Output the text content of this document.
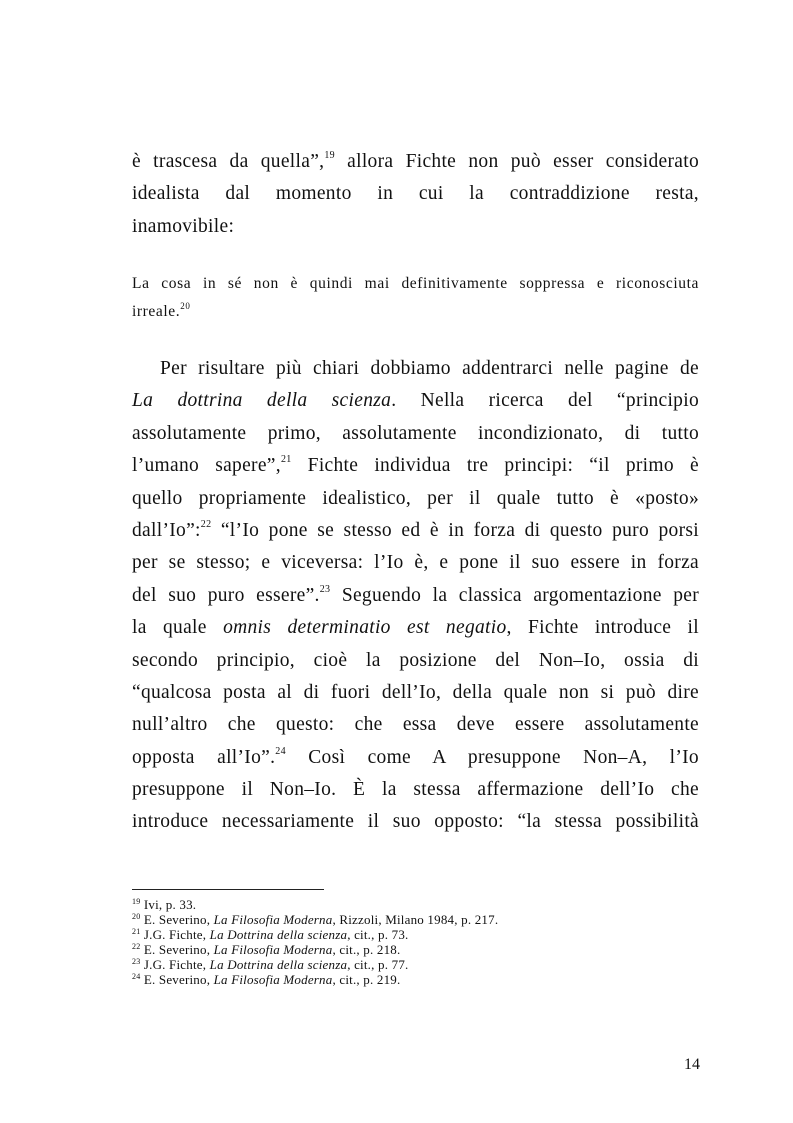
è trascesa da quella”,$^{19}$ allora Fichte non può esser considerato
idealista dal momento in cui la contraddizione resta,
inamovibile:
La cosa in sé non è quindi mai definitivamente soppressa e riconosciuta
irreale.$^{20}$
Per risultare più chiari dobbiamo addentrarci nelle pagine de
La dottrina della scienza. Nella ricerca del “principio
assolutamente primo, assolutamente incondizionato, di tutto
l’umano sapere”,$^{21}$ Fichte individua tre principi: “il primo è
quello propriamente idealistico, per il quale tutto è «posto»
dall’Io”:$^{22}$ “l’Io pone se stesso ed è in forza di questo puro porsi
per se stesso; e viceversa: l’Io è, e pone il suo essere in forza
del suo puro essere”.$^{23}$ Seguendo la classica argomentazione per
la quale omnis determinatio est negatio, Fichte introduce il
secondo principio, cioè la posizione del Non–Io, ossia di
“qualcosa posta al di fuori dell’Io, della quale non si può dire
null’altro che questo: che essa deve essere assolutamente
opposta all’Io”.$^{24}$ Così come A presuppone Non–A, l’Io
presuppone il Non–Io. È la stessa affermazione dell’Io che
introduce necessariamente il suo opposto: “la stessa possibilità
$^{19}$ Ivi, p. 33.
$^{20}$ E. Severino, La Filosofia Moderna, Rizzoli, Milano 1984, p. 217.
$^{21}$ J.G. Fichte, La Dottrina della scienza, cit., p. 73.
$^{22}$ E. Severino, La Filosofia Moderna, cit., p. 218.
$^{23}$ J.G. Fichte, La Dottrina della scienza, cit., p. 77.
$^{24}$ E. Severino, La Filosofia Moderna, cit., p. 219.
14
